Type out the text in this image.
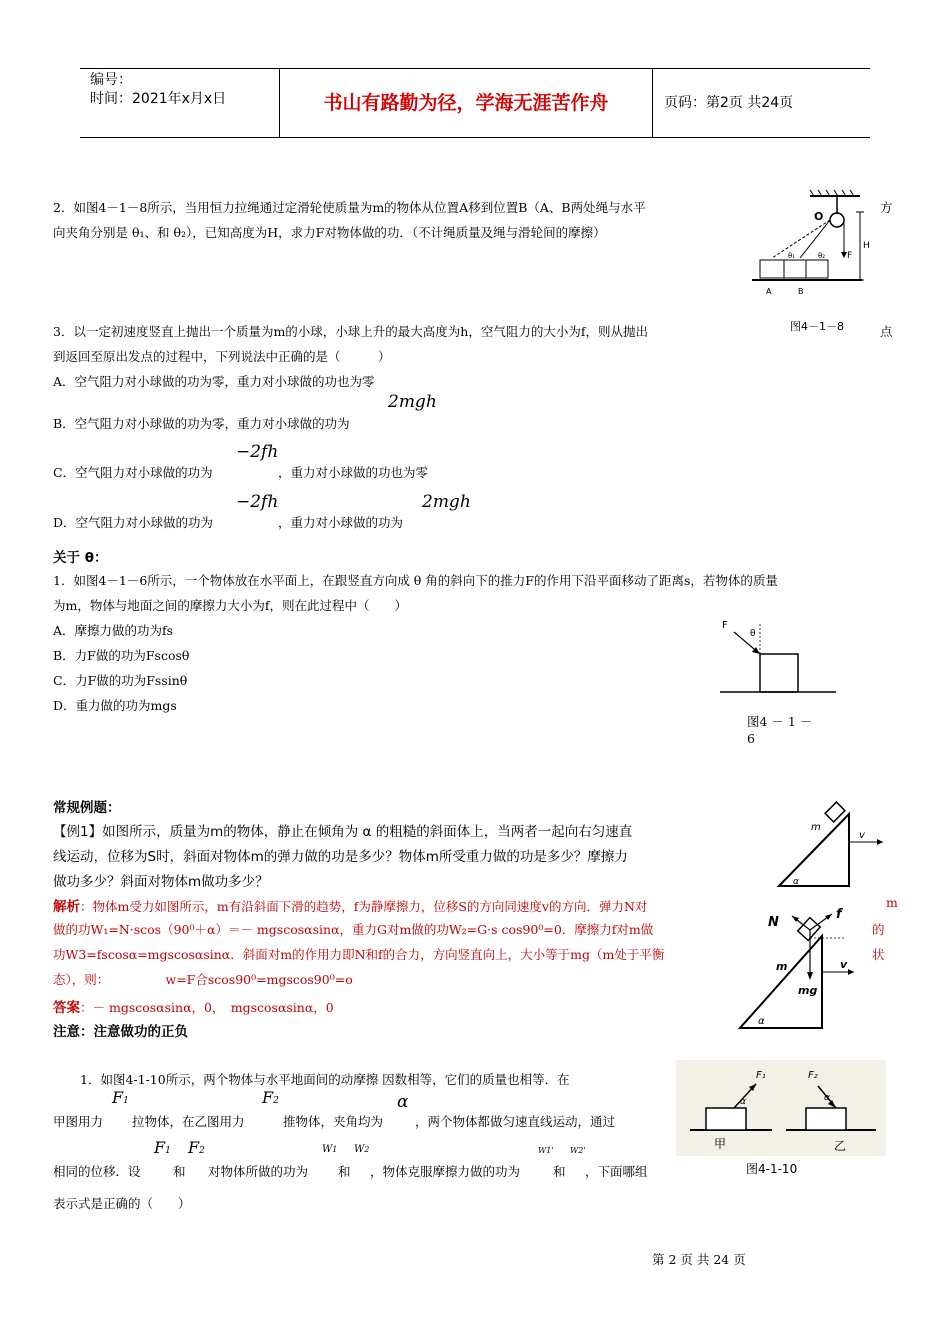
编号：
时间：2021年x月x日	书山有路勤为径，学海无涯苦作舟	页码：第2页 共24页
2．如图4－1－8所示，当用恒力拉绳通过定滑轮使质量为m的物体从位置A移到位置B（A、B两处绳与水平	方
向夹角分别是 θ₁、和 θ₂），已知高度为H，求力F对物体做的功．（不计绳质量及绳与滑轮间的摩擦）
O
F
H
θ₁	θ₂
A	B
图4－1－8
3．以一定初速度竖直上抛出一个质量为m的小球，小球上升的最大高度为h，空气阻力的大小为f，则从抛出	点
到返回至原出发点的过程中，下列说法中正确的是（　　　）
A．空气阻力对小球做的功为零，重力对小球做的功也为零
2mgh
B．空气阻力对小球做的功为零，重力对小球做的功为
−2fh
C．空气阻力对小球做的功为	，重力对小球做的功也为零
−2fh	2mgh
D．空气阻力对小球做的功为	，重力对小球做的功为
关于 θ：
1．如图4－1－6所示，一个物体放在水平面上，在跟竖直方向成 θ 角的斜向下的推力F的作用下沿平面移动了距离s，若物体的质量
为m，物体与地面之间的摩擦力大小为f，则在此过程中（　　）
A．摩擦力做的功为fs
B．力F做的功为Fscosθ
C．力F做的功为Fssinθ
D．重力做的功为mgs
F
θ
图4 － 1 －
6
常规例题：
【例1】如图所示，质量为m的物体，静止在倾角为 α 的粗糙的斜面体上，当两者一起向右匀速直
线运动，位移为S时，斜面对物体m的弹力做的功是多少？物体m所受重力做的功是多少？摩擦力
做功多少？斜面对物体m做功多少？
m
v
α
解析：物体m受力如图所示，m有沿斜面下滑的趋势，f为静摩擦力，位移S的方向同速度v的方向．弹力N对	m
做的功W₁=N·scos（90⁰＋α）＝－ mgscosαsinα，重力G对m做的功W₂=G·s cos90⁰=0．摩擦力f对m做	的
功W3=fscosα=mgscosαsinα．斜面对m的作用力即N和f的合力，方向竖直向上，大小等于mg（m处于平衡	状
态），则：　　　　　w=F合scos90⁰=mgscos90⁰=o
答案：－ mgscosαsinα，0，　mgscosαsinα，0
注意：注意做功的正负
N
f
m
mg
v
α
1．如图4-1-10所示，两个物体与水平地面间的动摩擦 因数相等，它们的质量也相等．在
F1	F2	α
甲图用力 拉物体，在乙图用力	推物体，夹角均为	，两个物体都做匀速直线运动，通过
F1 F2	W1 W2	W1' W2'
相同的位移．设	和 对物体所做的功为 和 ，物体克服摩擦力做的功为	和 ，下面哪组
表示式是正确的（　　）
F₁
α
甲
F₂
α
乙
图4-1-10
第 2 页 共 24 页
